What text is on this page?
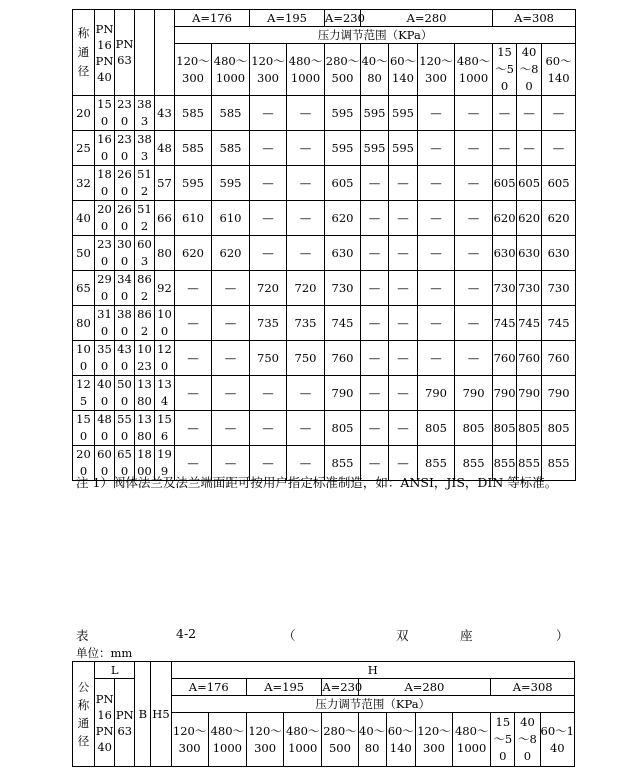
称通径	PN16PN40	PN63			A=176		A=195		A=230	A=280				A=308		
					压力调节范围（KPa）											
					120～300	480～1000	120～300	480～1000	280～500	40～80	60～140	120～300	480～1000	15～50	40～80	60～140
20	150	230	383	43	585	585	—	—	595	595	595	—	—	—	—	—
25	160	230	383	48	585	585	—	—	595	595	595	—	—	—	—	—
32	180	260	512	57	595	595	—	—	605	—	—	—	—	605	605	605
40	200	260	512	66	610	610	—	—	620	—	—	—	—	620	620	620
50	230	300	603	80	620	620	—	—	630	—	—	—	—	630	630	630
65	290	340	862	92	—	—	720	720	730	—	—	—	—	730	730	730
80	310	380	862	100	—	—	735	735	745	—	—	—	—	745	745	745
100	350	430	1023	120	—	—	750	750	760	—	—	—	—	760	760	760
125	400	500	1380	134	—	—	—	—	790	—	—	790	790	790	790	790
150	480	550	1380	156	—	—	—	—	805	—	—	805	805	805	805	805
200	600	650	1800	199	—	—	—	—	855	—	—	855	855	855	855	855
注 1）阀体法兰及法兰端面距可按用户指定标准制造，如：ANSI，JIS，DIN 等标准。
表	4-2	（	双	座	）
单位：mm
公称通径	L		B	H5	H											
	PN16PN40	PN63			A=176		A=195		A=230	A=280				A=308		
					压力调节范围（KPa）											
					120～300	480～1000	120～300	480～1000	280～500	40～80	60～140	120～300	480～1000	15～50	40～80	60～140
